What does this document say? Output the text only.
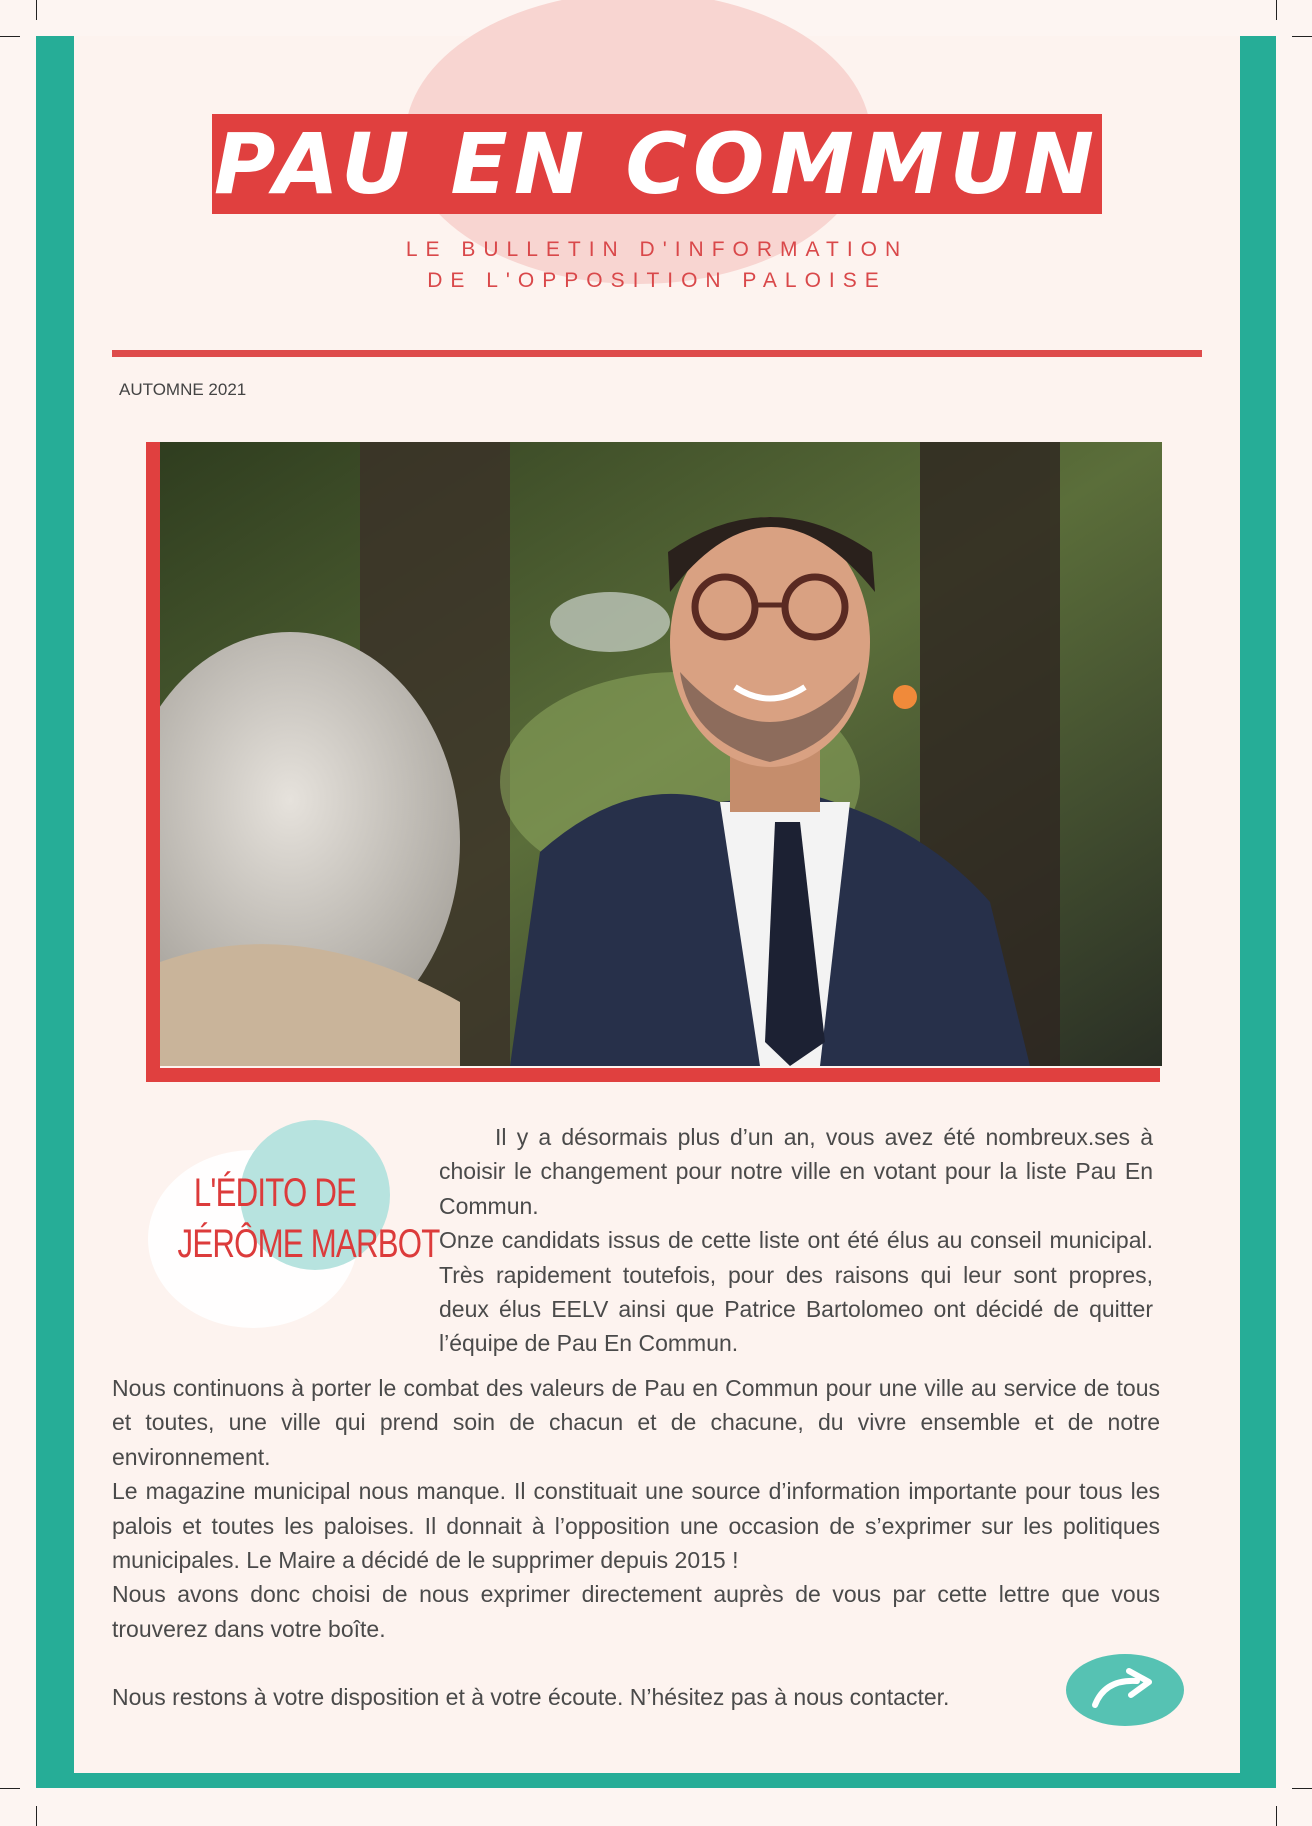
PAU EN COMMUN
LE BULLETIN D'INFORMATION
DE L'OPPOSITION PALOISE
AUTOMNE 2021
L'ÉDITO DE
JÉRÔME MARBOT

Il y a désormais plus d’un an, vous avez été nombreux.ses à choisir le changement pour notre ville en votant pour la liste Pau En Commun.

Onze candidats issus de cette liste ont été élus au conseil municipal. Très rapidement toutefois, pour des raisons qui leur sont propres, deux élus EELV ainsi que Patrice Bartolomeo ont décidé de quitter l’équipe de Pau En Commun.

Nous continuons à porter le combat des valeurs de Pau en Commun pour une ville au service de tous et toutes, une ville qui prend soin de chacun et de chacune, du vivre ensemble et de notre environnement.

Le magazine municipal nous manque. Il constituait une source d’information importante pour tous les palois et toutes les paloises. Il donnait à l’opposition une occasion de s’exprimer sur les politiques municipales. Le Maire a décidé de le supprimer depuis 2015 !

Nous avons donc choisi de nous exprimer directement auprès de vous par cette lettre que vous trouverez dans votre boîte.

Nous restons à votre disposition et à votre écoute. N’hésitez pas à nous contacter.
